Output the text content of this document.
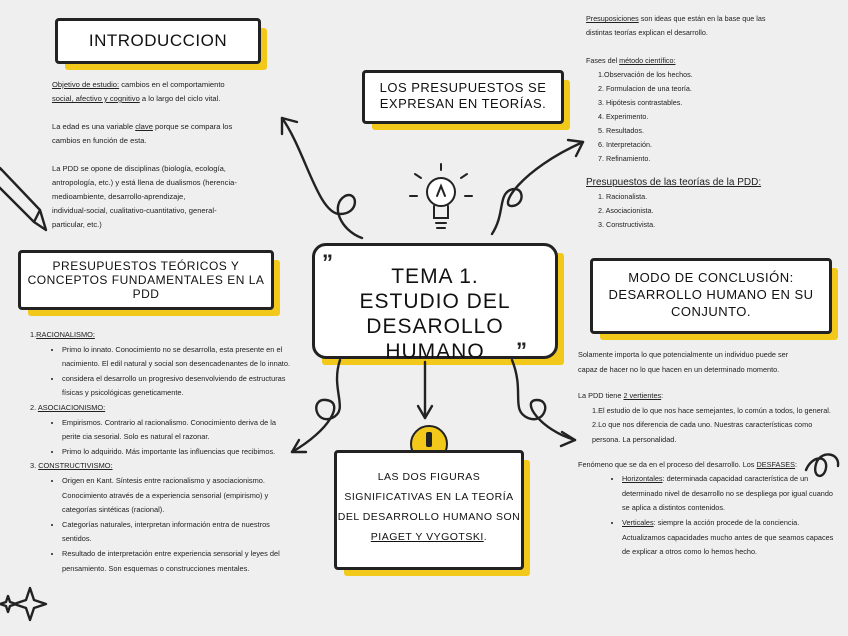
TEMA 1.
ESTUDIO DEL DESAROLLO
HUMANO
”
”
INTRODUCCION
Objetivo de estudio: cambios en el comportamiento
social, afectivo y cognitivo a lo largo del ciclo vital.
La edad es una variable clave porque se compara los
cambios en función de esta.
La PDD se opone de disciplinas (biología, ecología,
antropología, etc.) y está llena de dualismos (herencia-
medioambiente, desarrollo-aprendizaje,
individual-social, cualitativo-cuantitativo, general-
particular, etc.)
LOS PRESUPUESTOS SE
EXPRESAN EN TEORÍAS.
Presuposiciones son ideas que están en la base que las
distintas teorías explican el desarrollo.
Fases del método científico:
1.Observación de los hechos.
2. Formulacion de una teoría.
3. Hipótesis contrastables.
4. Experimento.
5. Resultados.
6. Interpretación.
7. Refinamiento.
Presupuestos de las teorías de la PDD:
1. Racionalista.
2. Asociacionista.
3. Constructivista.
PRESUPUESTOS TEÓRICOS Y
CONCEPTOS FUNDAMENTALES EN LA
PDD
1.RACIONALISMO:
• Primo lo innato. Conocimiento no se desarrolla, esta presente en el nacimiento. El edil natural y social son desencadenantes de lo innato.
• considera el desarrollo un progresivo desenvolviendo de estructuras físicas y psicológicas geneticamente.
2. ASOCIACIONISMO:
• Empirismos. Contrario al racionalismo. Conocimiento deriva de la perite cia sesorial. Solo es natural el razonar.
• Primo lo adquirido. Más importante las influencias que recibimos.
3. CONSTRUCTIVISMO:
• Origen en Kant. Síntesis entre racionalismo y asociacionismo. Conocimiento através de a experiencia sensorial (empirismo) y categorías sintéticas (racional).
• Categorías naturales, interpretan información entra de nuestros sentidos.
• Resultado de interpretación entre experiencia sensorial y leyes del pensamiento. Son esquemas o construcciones mentales.
LAS DOS FIGURAS
SIGNIFICATIVAS EN LA TEORÍA
DEL DESARROLLO HUMANO SON
PIAGET Y VYGOTSKI.
MODO DE CONCLUSIÓN:
DESARROLLO HUMANO EN SU
CONJUNTO.
Solamente importa lo que potencialmente un individuo puede ser
capaz de hacer no lo que hacen en un determinado momento.
La PDD tiene 2 vertientes:
1.El estudio de lo que nos hace semejantes, lo común a todos, lo general.
2.Lo que nos diferencia de cada uno. Nuestras características como persona. La personalidad.
Fenómeno que se da en el proceso del desarrollo. Los DESFASES:
• Horizontales: determinada capacidad característica de un determinado nivel de desarrollo no se despliega por igual cuando se aplica a distintos contenidos.
• Verticales: siempre la acción procede de la conciencia. Actualizamos capacidades mucho antes de que seamos capaces de explicar a otros como lo hemos hecho.
